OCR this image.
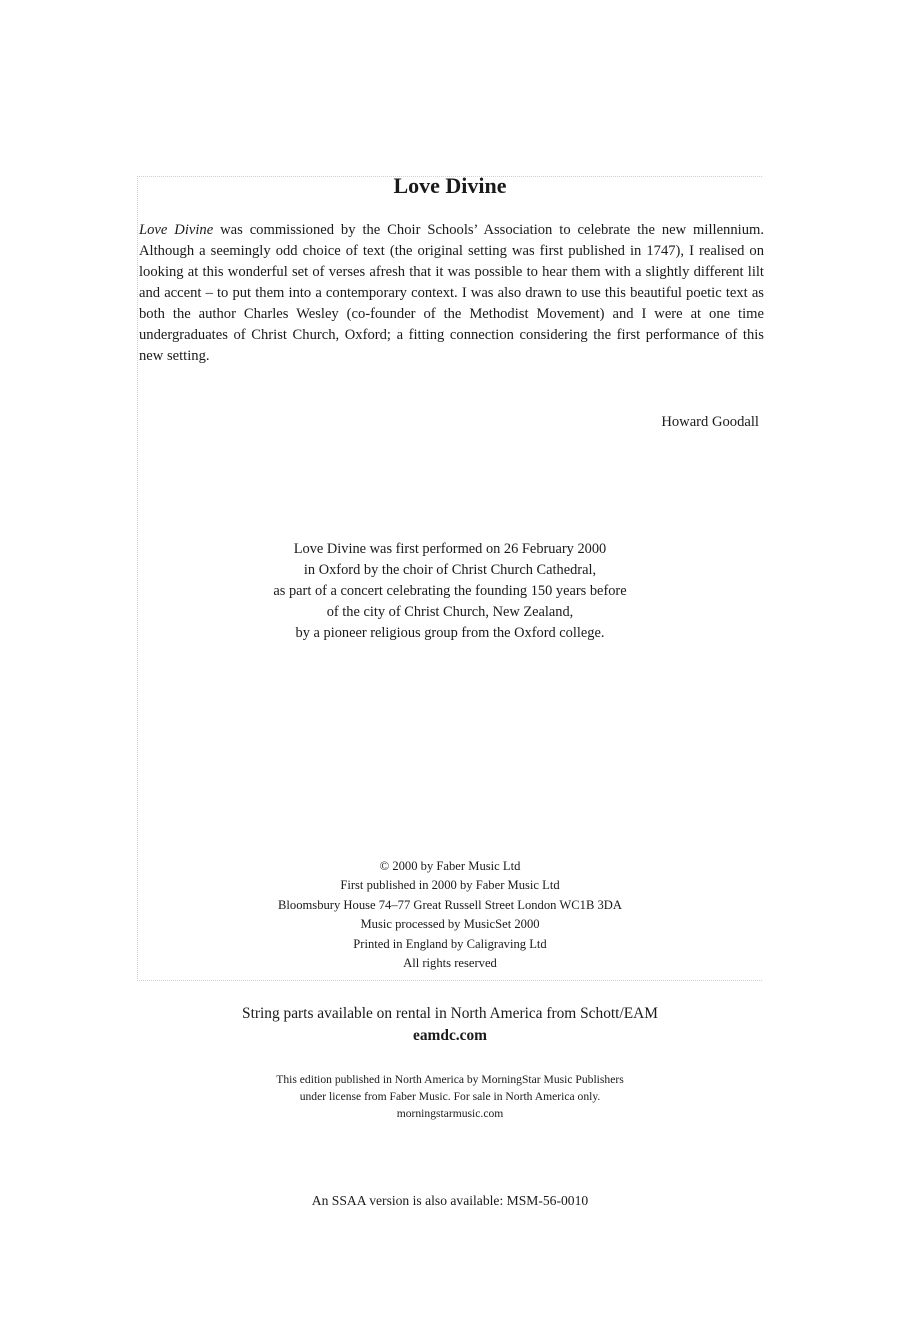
Love Divine

Love Divine was commissioned by the Choir Schools’ Association to celebrate the new millennium. Although a seemingly odd choice of text (the original setting was first published in 1747), I realised on looking at this wonderful set of verses afresh that it was possible to hear them with a slightly different lilt and accent – to put them into a contemporary context. I was also drawn to use this beautiful poetic text as both the author Charles Wesley (co-founder of the Methodist Movement) and I were at one time undergraduates of Christ Church, Oxford; a fitting connection considering the first performance of this new setting.

Howard Goodall

Love Divine was first performed on 26 February 2000
in Oxford by the choir of Christ Church Cathedral,
as part of a concert celebrating the founding 150 years before
of the city of Christ Church, New Zealand,
by a pioneer religious group from the Oxford college.
© 2000 by Faber Music Ltd
First published in 2000 by Faber Music Ltd
Bloomsbury House 74–77 Great Russell Street London WC1B 3DA
Music processed by MusicSet 2000
Printed in England by Caligraving Ltd
All rights reserved
String parts available on rental in North America from Schott/EAM
eamdc.com
This edition published in North America by MorningStar Music Publishers
under license from Faber Music. For sale in North America only.
morningstarmusic.com
An SSAA version is also available: MSM-56-0010
